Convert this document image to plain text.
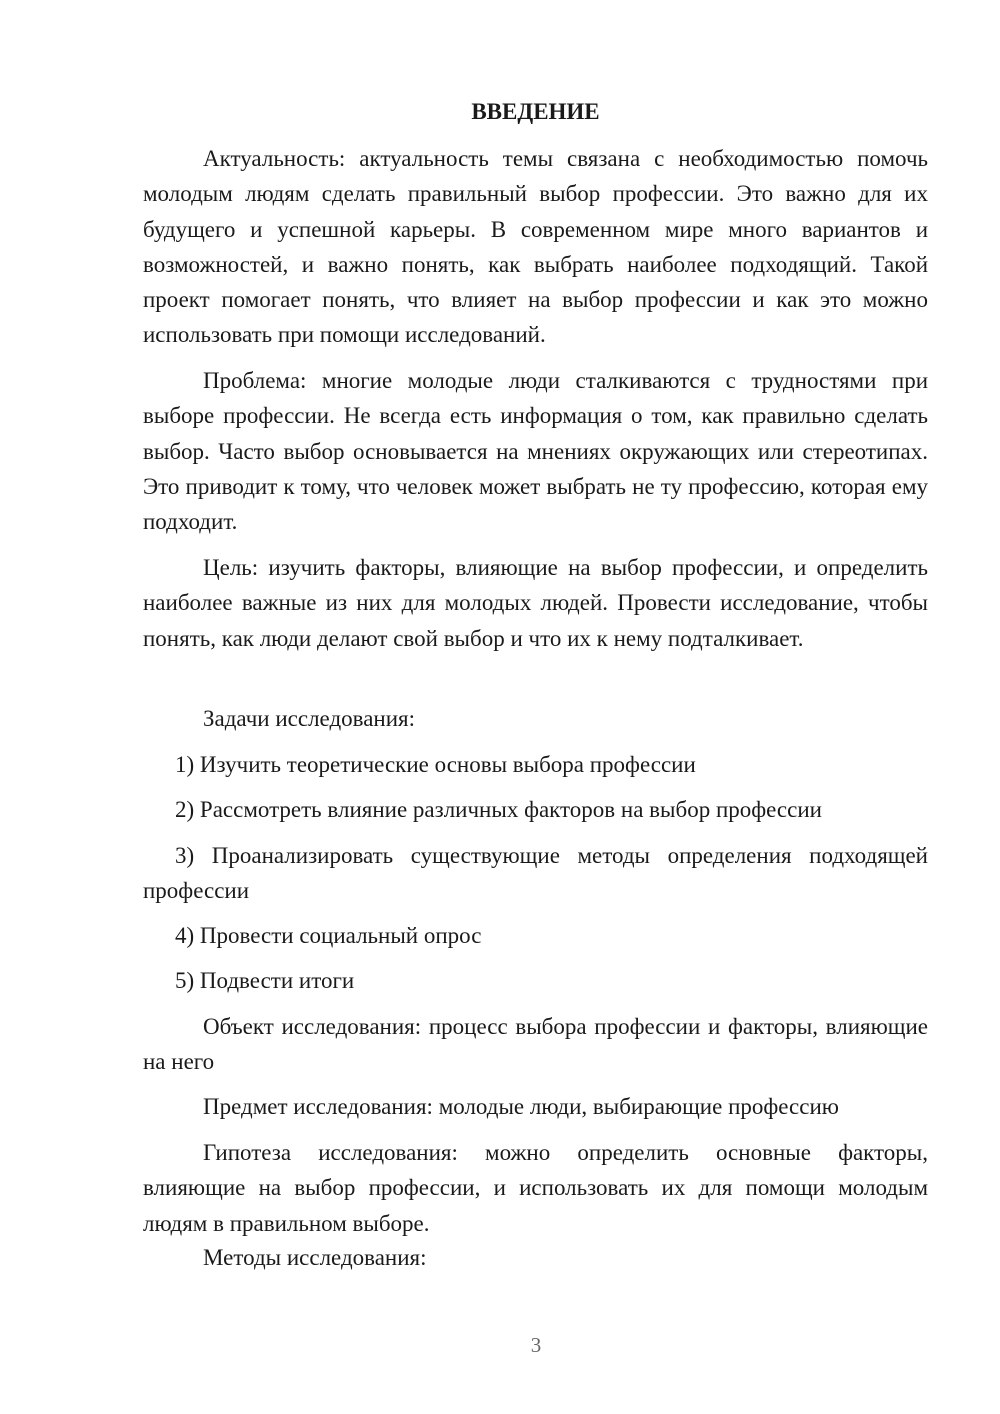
ВВЕДЕНИЕ

Актуальность: актуальность темы связана с необходимостью помочь молодым людям сделать правильный выбор профессии. Это важно для их будущего и успешной карьеры. В современном мире много вариантов и возможностей, и важно понять, как выбрать наиболее подходящий. Такой проект помогает понять, что влияет на выбор профессии и как это можно использовать при помощи исследований.

Проблема: многие молодые люди сталкиваются с трудностями при выборе профессии. Не всегда есть информация о том, как правильно сделать выбор. Часто выбор основывается на мнениях окружающих или стереотипах. Это приводит к тому, что человек может выбрать не ту профессию, которая ему подходит.

Цель: изучить факторы, влияющие на выбор профессии, и определить наиболее важные из них для молодых людей. Провести исследование, чтобы понять, как люди делают свой выбор и что их к нему подталкивает.

Задачи исследования:

1) Изучить теоретические основы выбора профессии

2) Рассмотреть влияние различных факторов на выбор профессии

3) Проанализировать существующие методы определения подходящей профессии

4) Провести социальный опрос

5) Подвести итоги

Объект исследования: процесс выбора профессии и факторы, влияющие на него

Предмет исследования: молодые люди, выбирающие профессию

Гипотеза исследования: можно определить основные факторы, влияющие на выбор профессии, и использовать их для помощи молодым людям в правильном выборе.

Методы исследования:

3
